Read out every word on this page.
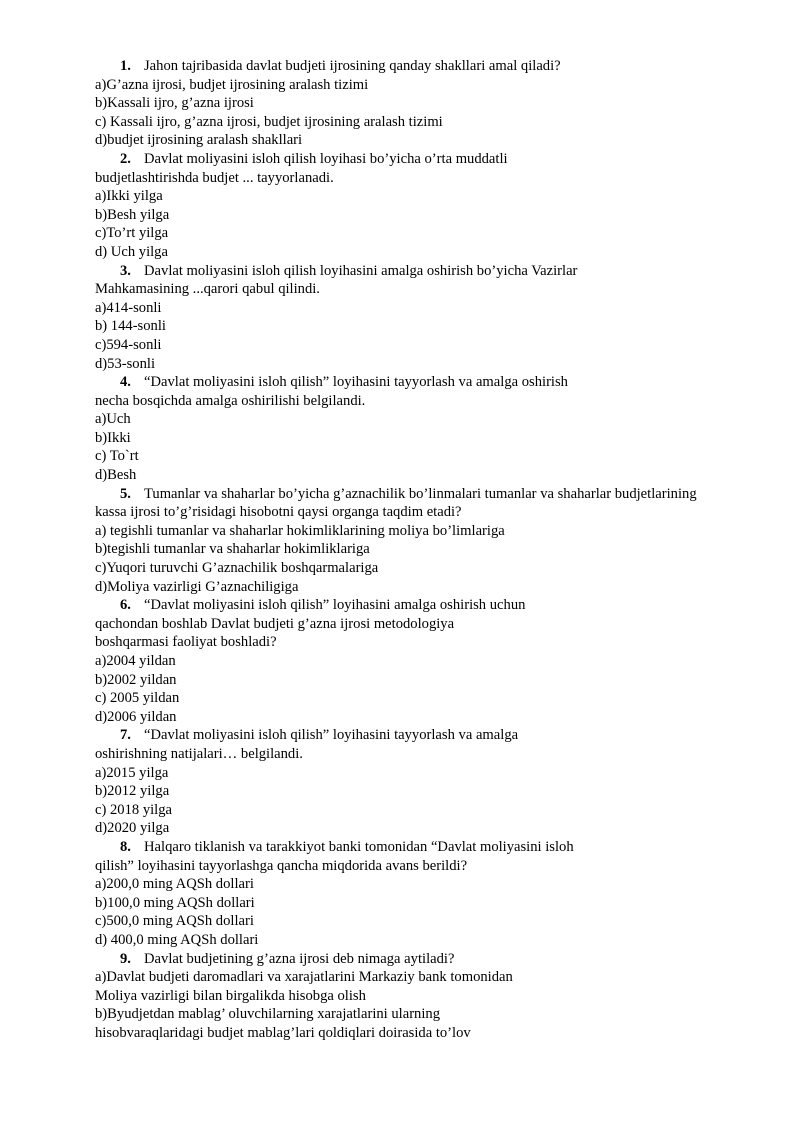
1. Jahon tajribasida davlat budjeti ijrosining qanday shakllari amal qiladi?
a)G’azna ijrosi, budjet ijrosining aralash tizimi
b)Kassali ijro, g’azna ijrosi
c) Kassali ijro, g’azna ijrosi, budjet ijrosining aralash tizimi
d)budjet ijrosining aralash shakllari
2. Davlat moliyasini isloh qilish loyihasi bo’yicha o’rta muddatli
budjetlashtirishda budjet ... tayyorlanadi.
a)Ikki yilga
b)Besh yilga
c)To’rt yilga
d) Uch yilga
3. Davlat moliyasini isloh qilish loyihasini amalga oshirish bo’yicha Vazirlar
Mahkamasining ...qarori qabul qilindi.
a)414-sonli
b) 144-sonli
c)594-sonli
d)53-sonli
4. “Davlat moliyasini isloh qilish” loyihasini tayyorlash va amalga oshirish
necha bosqichda amalga oshirilishi belgilandi.
a)Uch
b)Ikki
c) To`rt
d)Besh
5. Tumanlar va shaharlar bo’yicha g’aznachilik bo’linmalari tumanlar va shaharlar budjetlarining
kassa ijrosi to’g’risidagi hisobotni qaysi organga taqdim etadi?
a) tegishli tumanlar va shaharlar hokimliklarining moliya bo’limlariga
b)tegishli tumanlar va shaharlar hokimliklariga
c)Yuqori turuvchi G’aznachilik boshqarmalariga
d)Moliya vazirligi G’aznachiligiga
6. “Davlat moliyasini isloh qilish” loyihasini amalga oshirish uchun
qachondan boshlab Davlat budjeti g’azna ijrosi metodologiya
boshqarmasi faoliyat boshladi?
a)2004 yildan
b)2002 yildan
c) 2005 yildan
d)2006 yildan
7. “Davlat moliyasini isloh qilish” loyihasini tayyorlash va amalga
oshirishning natijalari… belgilandi.
a)2015 yilga
b)2012 yilga
c) 2018 yilga
d)2020 yilga
8. Halqaro tiklanish va tarakkiyot banki tomonidan “Davlat moliyasini isloh
qilish” loyihasini tayyorlashga qancha miqdorida avans berildi?
a)200,0 ming AQSh dollari
b)100,0 ming AQSh dollari
c)500,0 ming AQSh dollari
d) 400,0 ming AQSh dollari
9. Davlat budjetining g’azna ijrosi deb nimaga aytiladi?
a)Davlat budjeti daromadlari va xarajatlarini Markaziy bank tomonidan
Moliya vazirligi bilan birgalikda hisobga olish
b)Byudjetdan mablag’ oluvchilarning xarajatlarini ularning
hisobvaraqlaridagi budjet mablag’lari qoldiqlari doirasida to’lov
